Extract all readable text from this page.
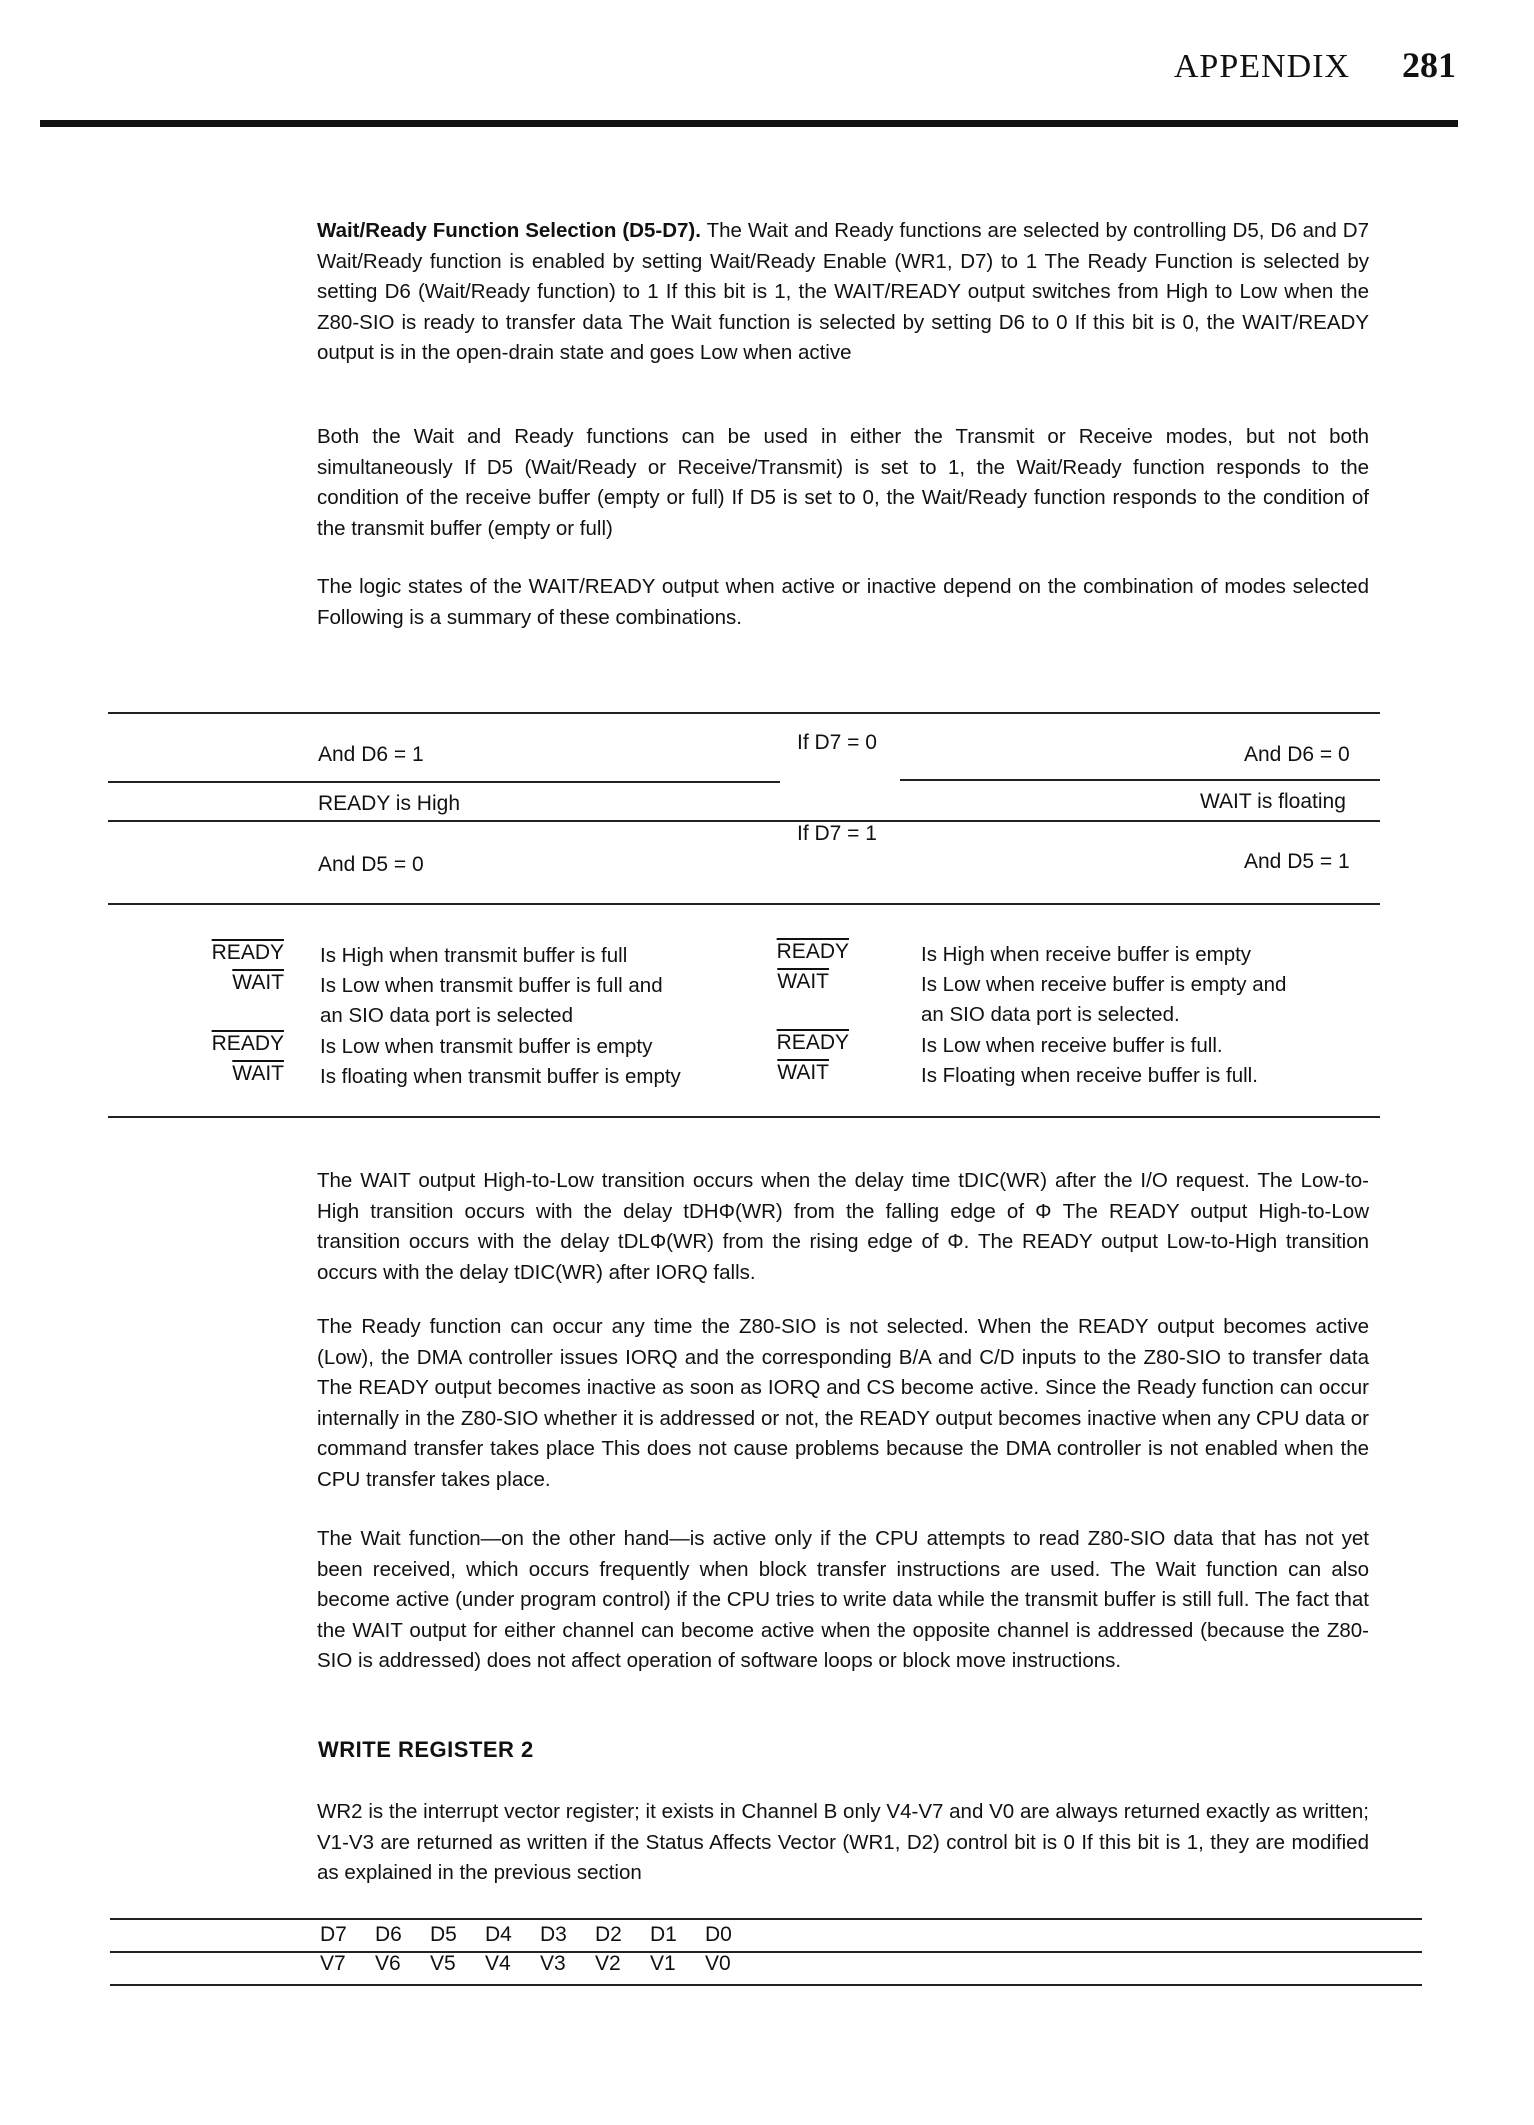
APPENDIX 281
Wait/Ready Function Selection (D5-D7). The Wait and Ready functions are selected by controlling D5, D6 and D7 Wait/Ready function is enabled by setting Wait/Ready Enable (WR1, D7) to 1 The Ready Function is selected by setting D6 (Wait/Ready function) to 1 If this bit is 1, the WAIT/READY output switches from High to Low when the Z80-SIO is ready to transfer data The Wait function is selected by setting D6 to 0 If this bit is 0, the WAIT/READY output is in the open-drain state and goes Low when active
Both the Wait and Ready functions can be used in either the Transmit or Receive modes, but not both simultaneously If D5 (Wait/Ready or Receive/Transmit) is set to 1, the Wait/Ready function responds to the condition of the receive buffer (empty or full) If D5 is set to 0, the Wait/Ready function responds to the condition of the transmit buffer (empty or full)
The logic states of the WAIT/READY output when active or inactive depend on the combination of modes selected Following is a summary of these combinations.
And D6 = 1
If D7 = 0
And D6 = 0
READY is High	WAIT is floating
If D7 = 1
And D5 = 0	And D5 = 1
READY
WAIT
READY
WAIT
Is High when transmit buffer is full
Is Low when transmit buffer is full and
an SIO data port is selected
Is Low when transmit buffer is empty
Is floating when transmit buffer is empty
READY
WAIT
READY
WAIT
Is High when receive buffer is empty
Is Low when receive buffer is empty and
an SIO data port is selected.
Is Low when receive buffer is full.
Is Floating when receive buffer is full.
The WAIT output High-to-Low transition occurs when the delay time tDIC(WR) after the I/O request. The Low-to-High transition occurs with the delay tDHΦ(WR) from the falling edge of Φ The READY output High-to-Low transition occurs with the delay tDLΦ(WR) from the rising edge of Φ. The READY output Low-to-High transition occurs with the delay tDIC(WR) after IORQ falls.
The Ready function can occur any time the Z80-SIO is not selected. When the READY output becomes active (Low), the DMA controller issues IORQ and the corresponding B/A and C/D inputs to the Z80-SIO to transfer data The READY output becomes inactive as soon as IORQ and CS become active. Since the Ready function can occur internally in the Z80-SIO whether it is addressed or not, the READY output becomes inactive when any CPU data or command transfer takes place This does not cause problems because the DMA controller is not enabled when the CPU transfer takes place.
The Wait function—on the other hand—is active only if the CPU attempts to read Z80-SIO data that has not yet been received, which occurs frequently when block transfer instructions are used. The Wait function can also become active (under program control) if the CPU tries to write data while the transmit buffer is still full. The fact that the WAIT output for either channel can become active when the opposite channel is addressed (because the Z80-SIO is addressed) does not affect operation of software loops or block move instructions.
WRITE REGISTER 2
WR2 is the interrupt vector register; it exists in Channel B only V4-V7 and V0 are always returned exactly as written; V1-V3 are returned as written if the Status Affects Vector (WR1, D2) control bit is 0 If this bit is 1, they are modified as explained in the previous section
D7 D6 D5 D4 D3 D2 D1 D0
V7 V6 V5 V4 V3 V2 V1 V0
